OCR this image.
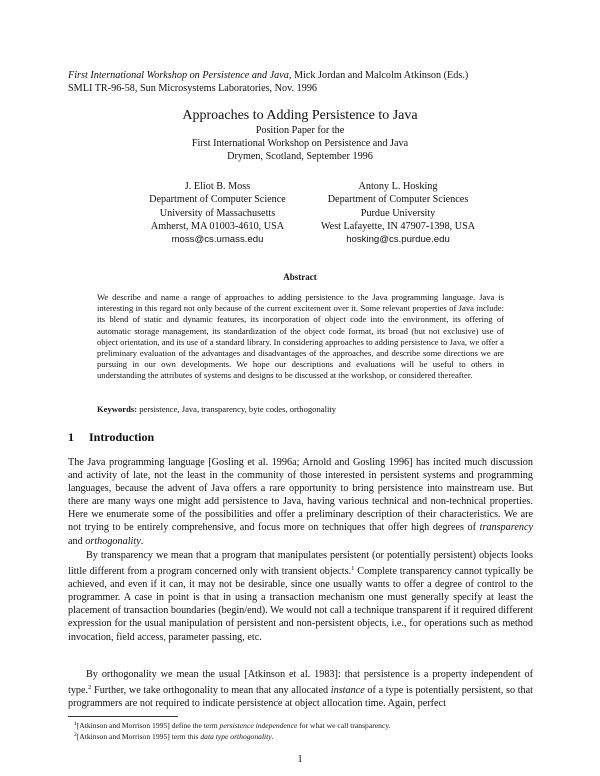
First International Workshop on Persistence and Java, Mick Jordan and Malcolm Atkinson (Eds.)
SMLI TR-96-58, Sun Microsystems Laboratories, Nov. 1996
Approaches to Adding Persistence to Java
Position Paper for the
First International Workshop on Persistence and Java
Drymen, Scotland, September 1996
J. Eliot B. Moss
Department of Computer Science
University of Massachusetts
Amherst, MA 01003-4610, USA
moss@cs.umass.edu
Antony L. Hosking
Department of Computer Sciences
Purdue University
West Lafayette, IN 47907-1398, USA
hosking@cs.purdue.edu
Abstract
We describe and name a range of approaches to adding persistence to the Java programming language. Java is interesting in this regard not only because of the current excitement over it. Some relevant properties of Java include: its blend of static and dynamic features, its incorporation of object code into the environment, its offering of automatic storage management, its standardization of the object code format, its broad (but not exclusive) use of object orientation, and its use of a standard library. In considering approaches to adding persistence to Java, we offer a preliminary evaluation of the advantages and disadvantages of the approaches, and describe some directions we are pursuing in our own developments. We hope our descriptions and evaluations will be useful to others in understanding the attributes of systems and designs to be discussed at the workshop, or considered thereafter.
Keywords: persistence, Java, transparency, byte codes, orthogonality
1 Introduction
The Java programming language [Gosling et al. 1996a; Arnold and Gosling 1996] has incited much discussion and activity of late, not the least in the community of those interested in persistent systems and programming languages, because the advent of Java offers a rare opportunity to bring persistence into mainstream use. But there are many ways one might add persistence to Java, having various technical and non-technical properties. Here we enumerate some of the possibilities and offer a preliminary description of their characteristics. We are not trying to be entirely comprehensive, and focus more on techniques that offer high degrees of transparency and orthogonality.
By transparency we mean that a program that manipulates persistent (or potentially persistent) objects looks little different from a program concerned only with transient objects.$^1$ Complete transparency cannot typically be achieved, and even if it can, it may not be desirable, since one usually wants to offer a degree of control to the programmer. A case in point is that in using a transaction mechanism one must generally specify at least the placement of transaction boundaries (begin/end). We would not call a technique transparent if it required different expression for the usual manipulation of persistent and non-persistent objects, i.e., for operations such as method invocation, field access, parameter passing, etc.
By orthogonality we mean the usual [Atkinson et al. 1983]: that persistence is a property independent of type.$^2$ Further, we take orthogonality to mean that any allocated instance of a type is potentially persistent, so that programmers are not required to indicate persistence at object allocation time. Again, perfect
$^1$[Atkinson and Morrison 1995] define the term persistence independence for what we call transparency.
$^2$[Atkinson and Morrison 1995] term this data type orthogonality.
1
